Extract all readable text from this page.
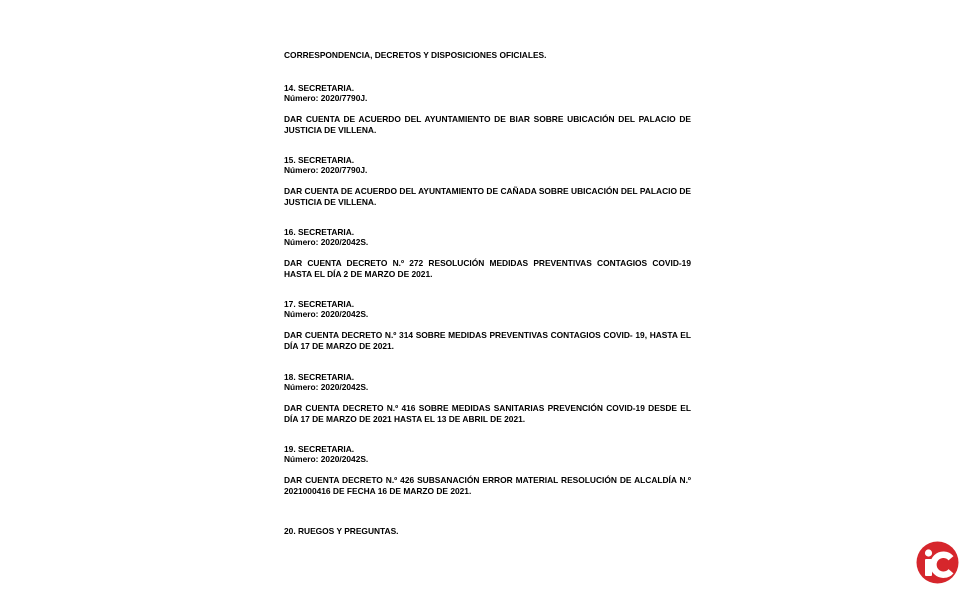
CORRESPONDENCIA, DECRETOS Y DISPOSICIONES OFICIALES.

14. SECRETARIA.

Número: 2020/7790J.

DAR CUENTA DE ACUERDO DEL AYUNTAMIENTO DE BIAR SOBRE UBICACIÓN DEL PALACIO DE JUSTICIA DE VILLENA.

15. SECRETARIA.

Número: 2020/7790J.

DAR CUENTA DE ACUERDO DEL AYUNTAMIENTO DE CAÑADA SOBRE UBICACIÓN DEL PALACIO DE JUSTICIA DE VILLENA.

16. SECRETARIA.

Número: 2020/2042S.

DAR CUENTA DECRETO N.º 272 RESOLUCIÓN MEDIDAS PREVENTIVAS CONTAGIOS COVID-19 HASTA EL DÍA 2 DE MARZO DE 2021.

17. SECRETARIA.

Número: 2020/2042S.

DAR CUENTA DECRETO N.º 314 SOBRE MEDIDAS PREVENTIVAS CONTAGIOS COVID- 19, HASTA EL DÍA 17 DE MARZO DE 2021.

18. SECRETARIA.

Número: 2020/2042S.

DAR CUENTA DECRETO N.º 416 SOBRE MEDIDAS SANITARIAS PREVENCIÓN COVID-19 DESDE EL DÍA 17 DE MARZO DE 2021 HASTA EL 13 DE ABRIL DE 2021.

19. SECRETARIA.

Número: 2020/2042S.

DAR CUENTA DECRETO N.º 426 SUBSANACIÓN ERROR MATERIAL RESOLUCIÓN DE ALCALDÍA N.º 2021000416 DE FECHA 16 DE MARZO DE 2021.

20. RUEGOS Y PREGUNTAS.
